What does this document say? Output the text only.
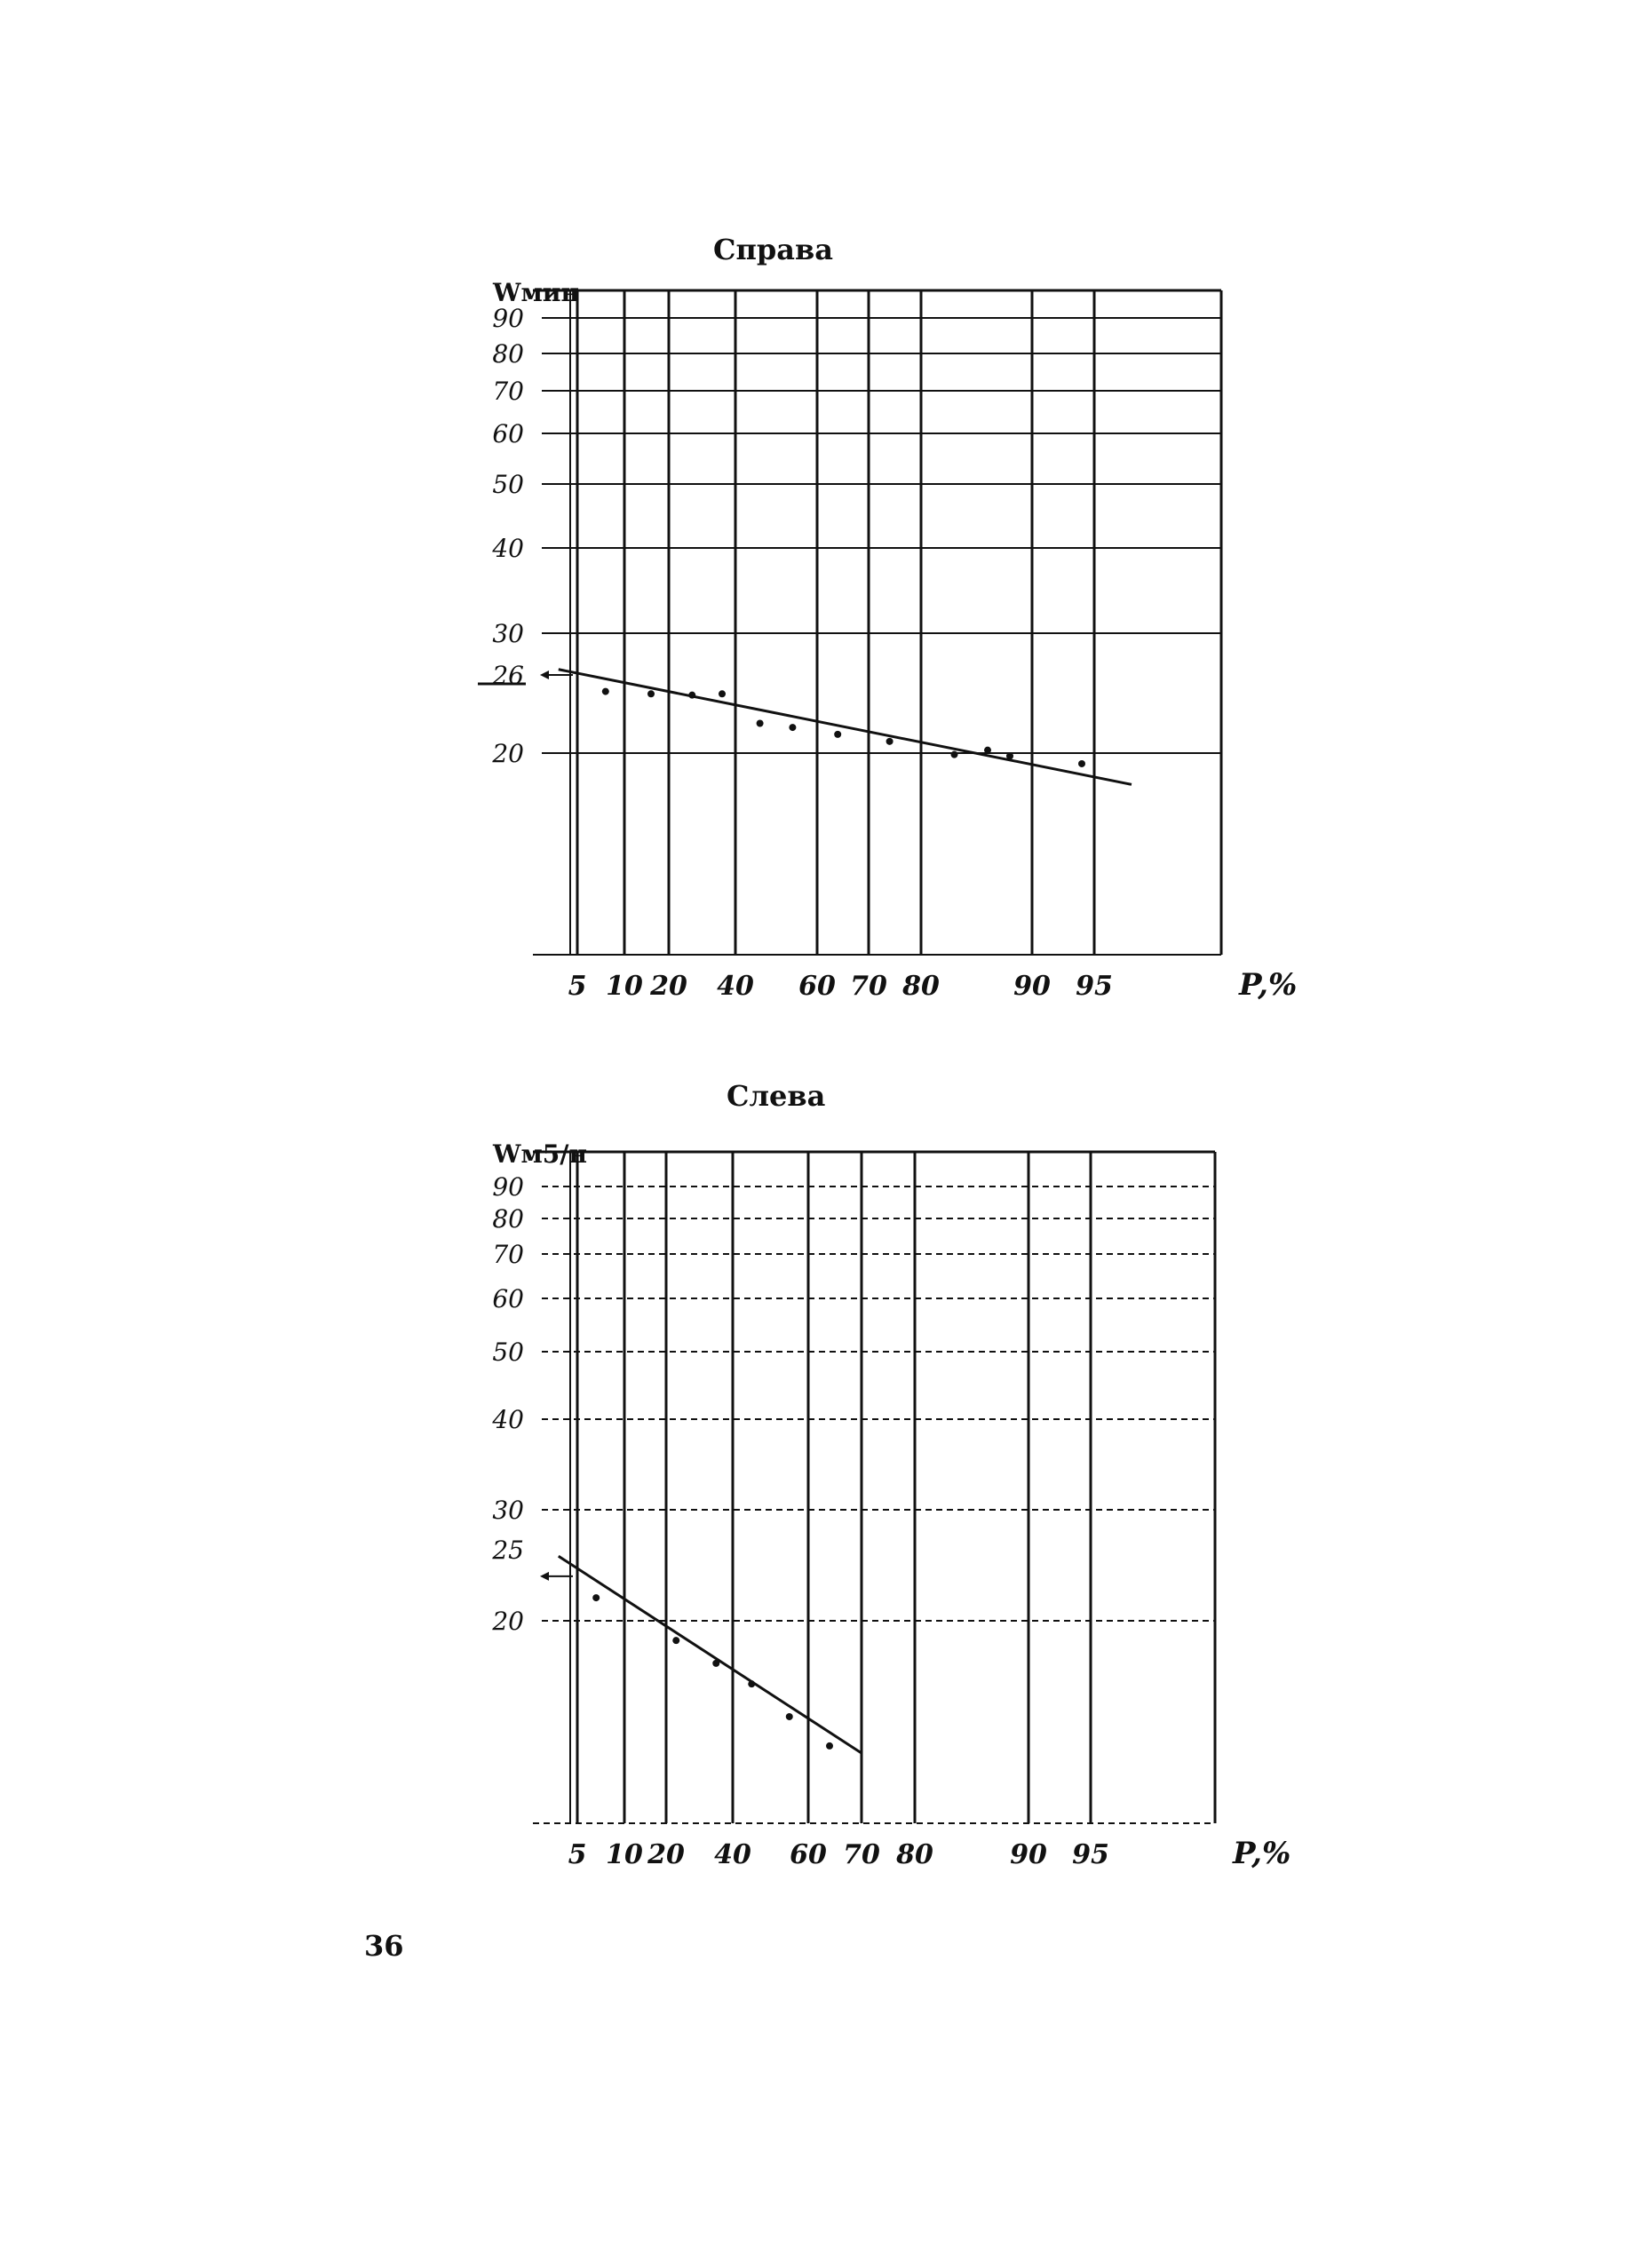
Справа
Слева
90
80
70
60
50
40
30
26
20
5 10 20 40 60 70 80	90 95
Wмин
P,%
90
80
70
60
50
40
30
25
20
5 10 20 40 60 70 80	90 95
Wм5/н
P,%
36
